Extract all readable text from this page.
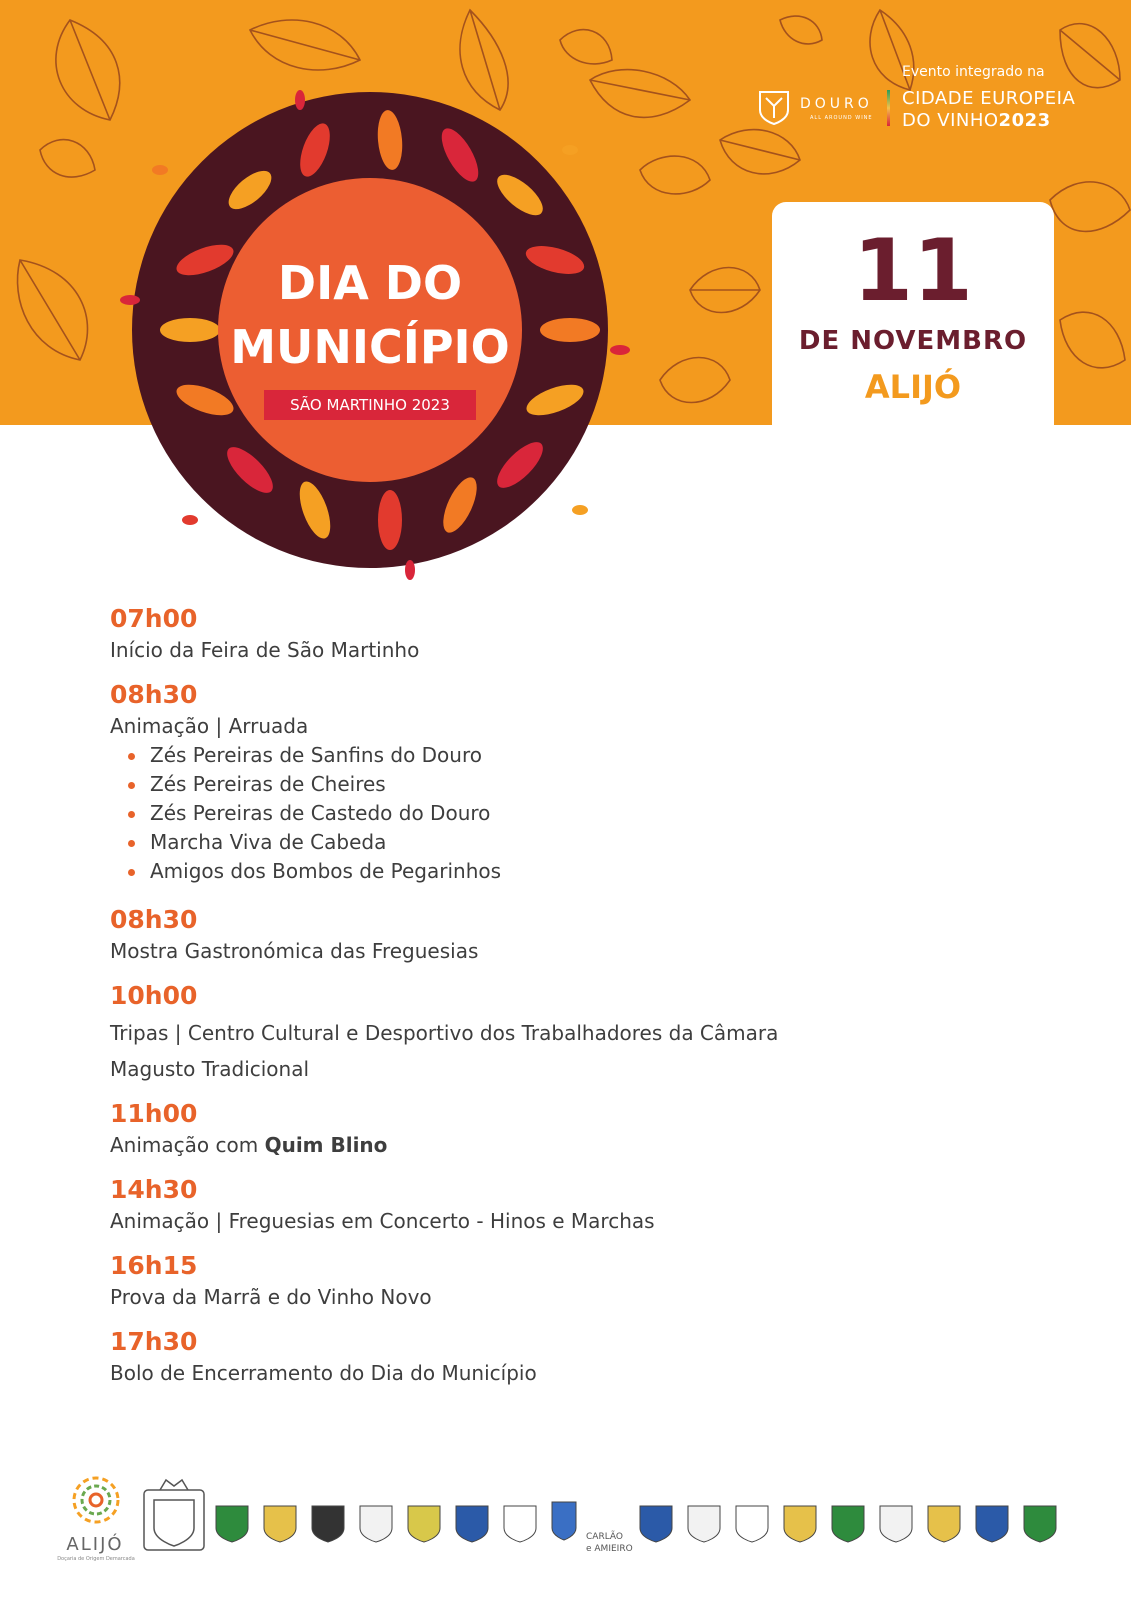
DIA DO
MUNICÍPIO
SÃO MARTINHO 2023
Evento integrado na
DOURO
ALL AROUND WINE
CIDADE EUROPEIA
DO VINHO2023
11
DE NOVEMBRO
ALIJÓ
07h00
Início da Feira de São Martinho
08h30
Animação | Arruada
Zés Pereiras de Sanfins do Douro
Zés Pereiras de Cheires
Zés Pereiras de Castedo do Douro
Marcha Viva de Cabeda
Amigos dos Bombos de Pegarinhos
08h30
Mostra Gastronómica das Freguesias
10h00
Tripas | Centro Cultural e Desportivo dos Trabalhadores da Câmara
Magusto Tradicional
11h00
Animação com Quim Blino
14h30
Animação | Freguesias em Concerto - Hinos e Marchas
16h15
Prova da Marrã e do Vinho Novo
17h30
Bolo de Encerramento do Dia do Município
ALIJÓ
Doçaria de Origem Demarcada
CARLÃO
e AMIEIRO
